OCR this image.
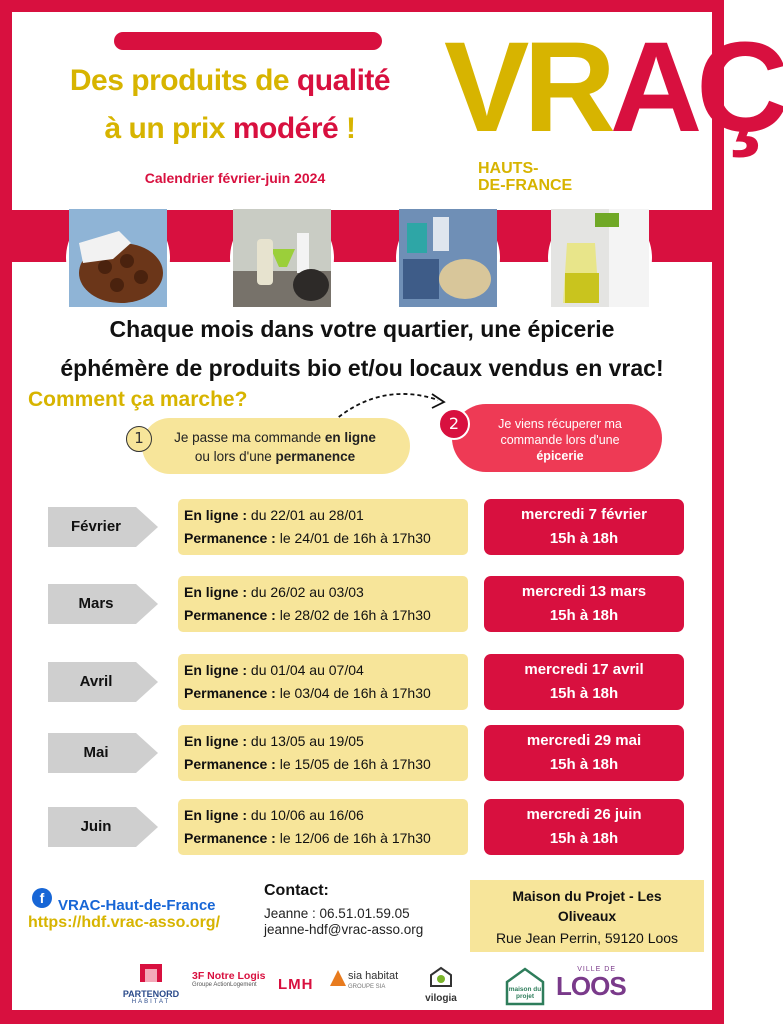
Des produits de qualité
à un prix modéré !
Calendrier février-juin 2024
VRAÇ
HAUTS-
DE-FRANCE
Chaque mois dans votre quartier, une épicerie
éphémère de produits bio et/ou locaux vendus en vrac!
Comment ça marche?
1	Je passe ma commande en ligne
ou lors d'une permanence
2	Je viens récuperer ma
commande lors d'une
épicerie
Février
En ligne : du 22/01 au 28/01
Permanence : le 24/01 de 16h à 17h30
mercredi 7 février
15h à 18h
Mars
En ligne : du 26/02 au 03/03
Permanence : le 28/02 de 16h à 17h30
mercredi 13 mars
15h à 18h
Avril
En ligne : du 01/04 au 07/04
Permanence : le 03/04 de 16h à 17h30
mercredi 17 avril
15h à 18h
Mai
En ligne : du 13/05 au 19/05
Permanence : le 15/05 de 16h à 17h30
mercredi 29 mai
15h à 18h
Juin
En ligne : du 10/06 au 16/06
Permanence : le 12/06 de 16h à 17h30
mercredi 26 juin
15h à 18h
f VRAC-Haut-de-France
https://hdf.vrac-asso.org/
Contact:
Jeanne : 06.51.01.59.05
jeanne-hdf@vrac-asso.org
Maison du Projet - Les
Oliveaux
Rue Jean Perrin, 59120 Loos
PARTENORD
HABITAT
3F Notre Logis
Groupe ActionLogement	LMH	sia habitat
GROUPE SIA
vilogia
maison du projet
VILLE DE
LOOS
